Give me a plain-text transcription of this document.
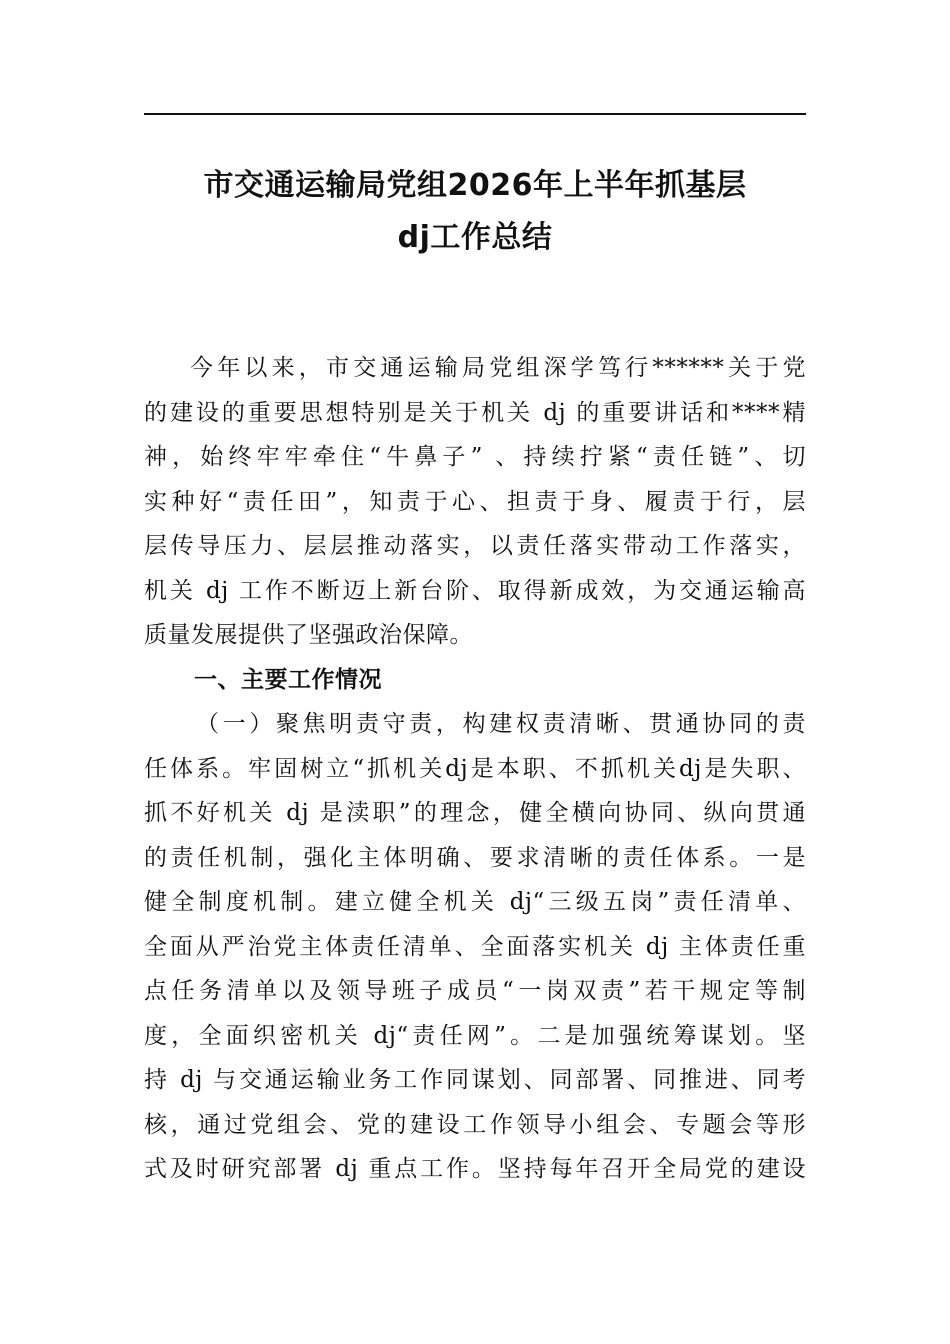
市交通运输局党组2026年上半年抓基层
dj工作总结
今年以来，市交通运输局党组深学笃行******关于党
的建设的重要思想特别是关于机关 dj 的重要讲话和****精
神，始终牢牢牵住“牛鼻子” 、持续拧紧“责任链”、切
实种好“责任田”，知责于心、担责于身、履责于行，层
层传导压力、层层推动落实，以责任落实带动工作落实，
机关 dj 工作不断迈上新台阶、取得新成效，为交通运输高
质量发展提供了坚强政治保障。
一、主要工作情况
（一）聚焦明责守责，构建权责清晰、贯通协同的责
任体系。牢固树立“抓机关dj是本职、不抓机关dj是失职、
抓不好机关 dj 是渎职”的理念，健全横向协同、纵向贯通
的责任机制，强化主体明确、要求清晰的责任体系。一是
健全制度机制。建立健全机关 dj“三级五岗”责任清单、
全面从严治党主体责任清单、全面落实机关 dj 主体责任重
点任务清单以及领导班子成员“一岗双责”若干规定等制
度，全面织密机关 dj“责任网”。二是加强统筹谋划。坚
持 dj 与交通运输业务工作同谋划、同部署、同推进、同考
核，通过党组会、党的建设工作领导小组会、专题会等形
式及时研究部署 dj 重点工作。坚持每年召开全局党的建设
